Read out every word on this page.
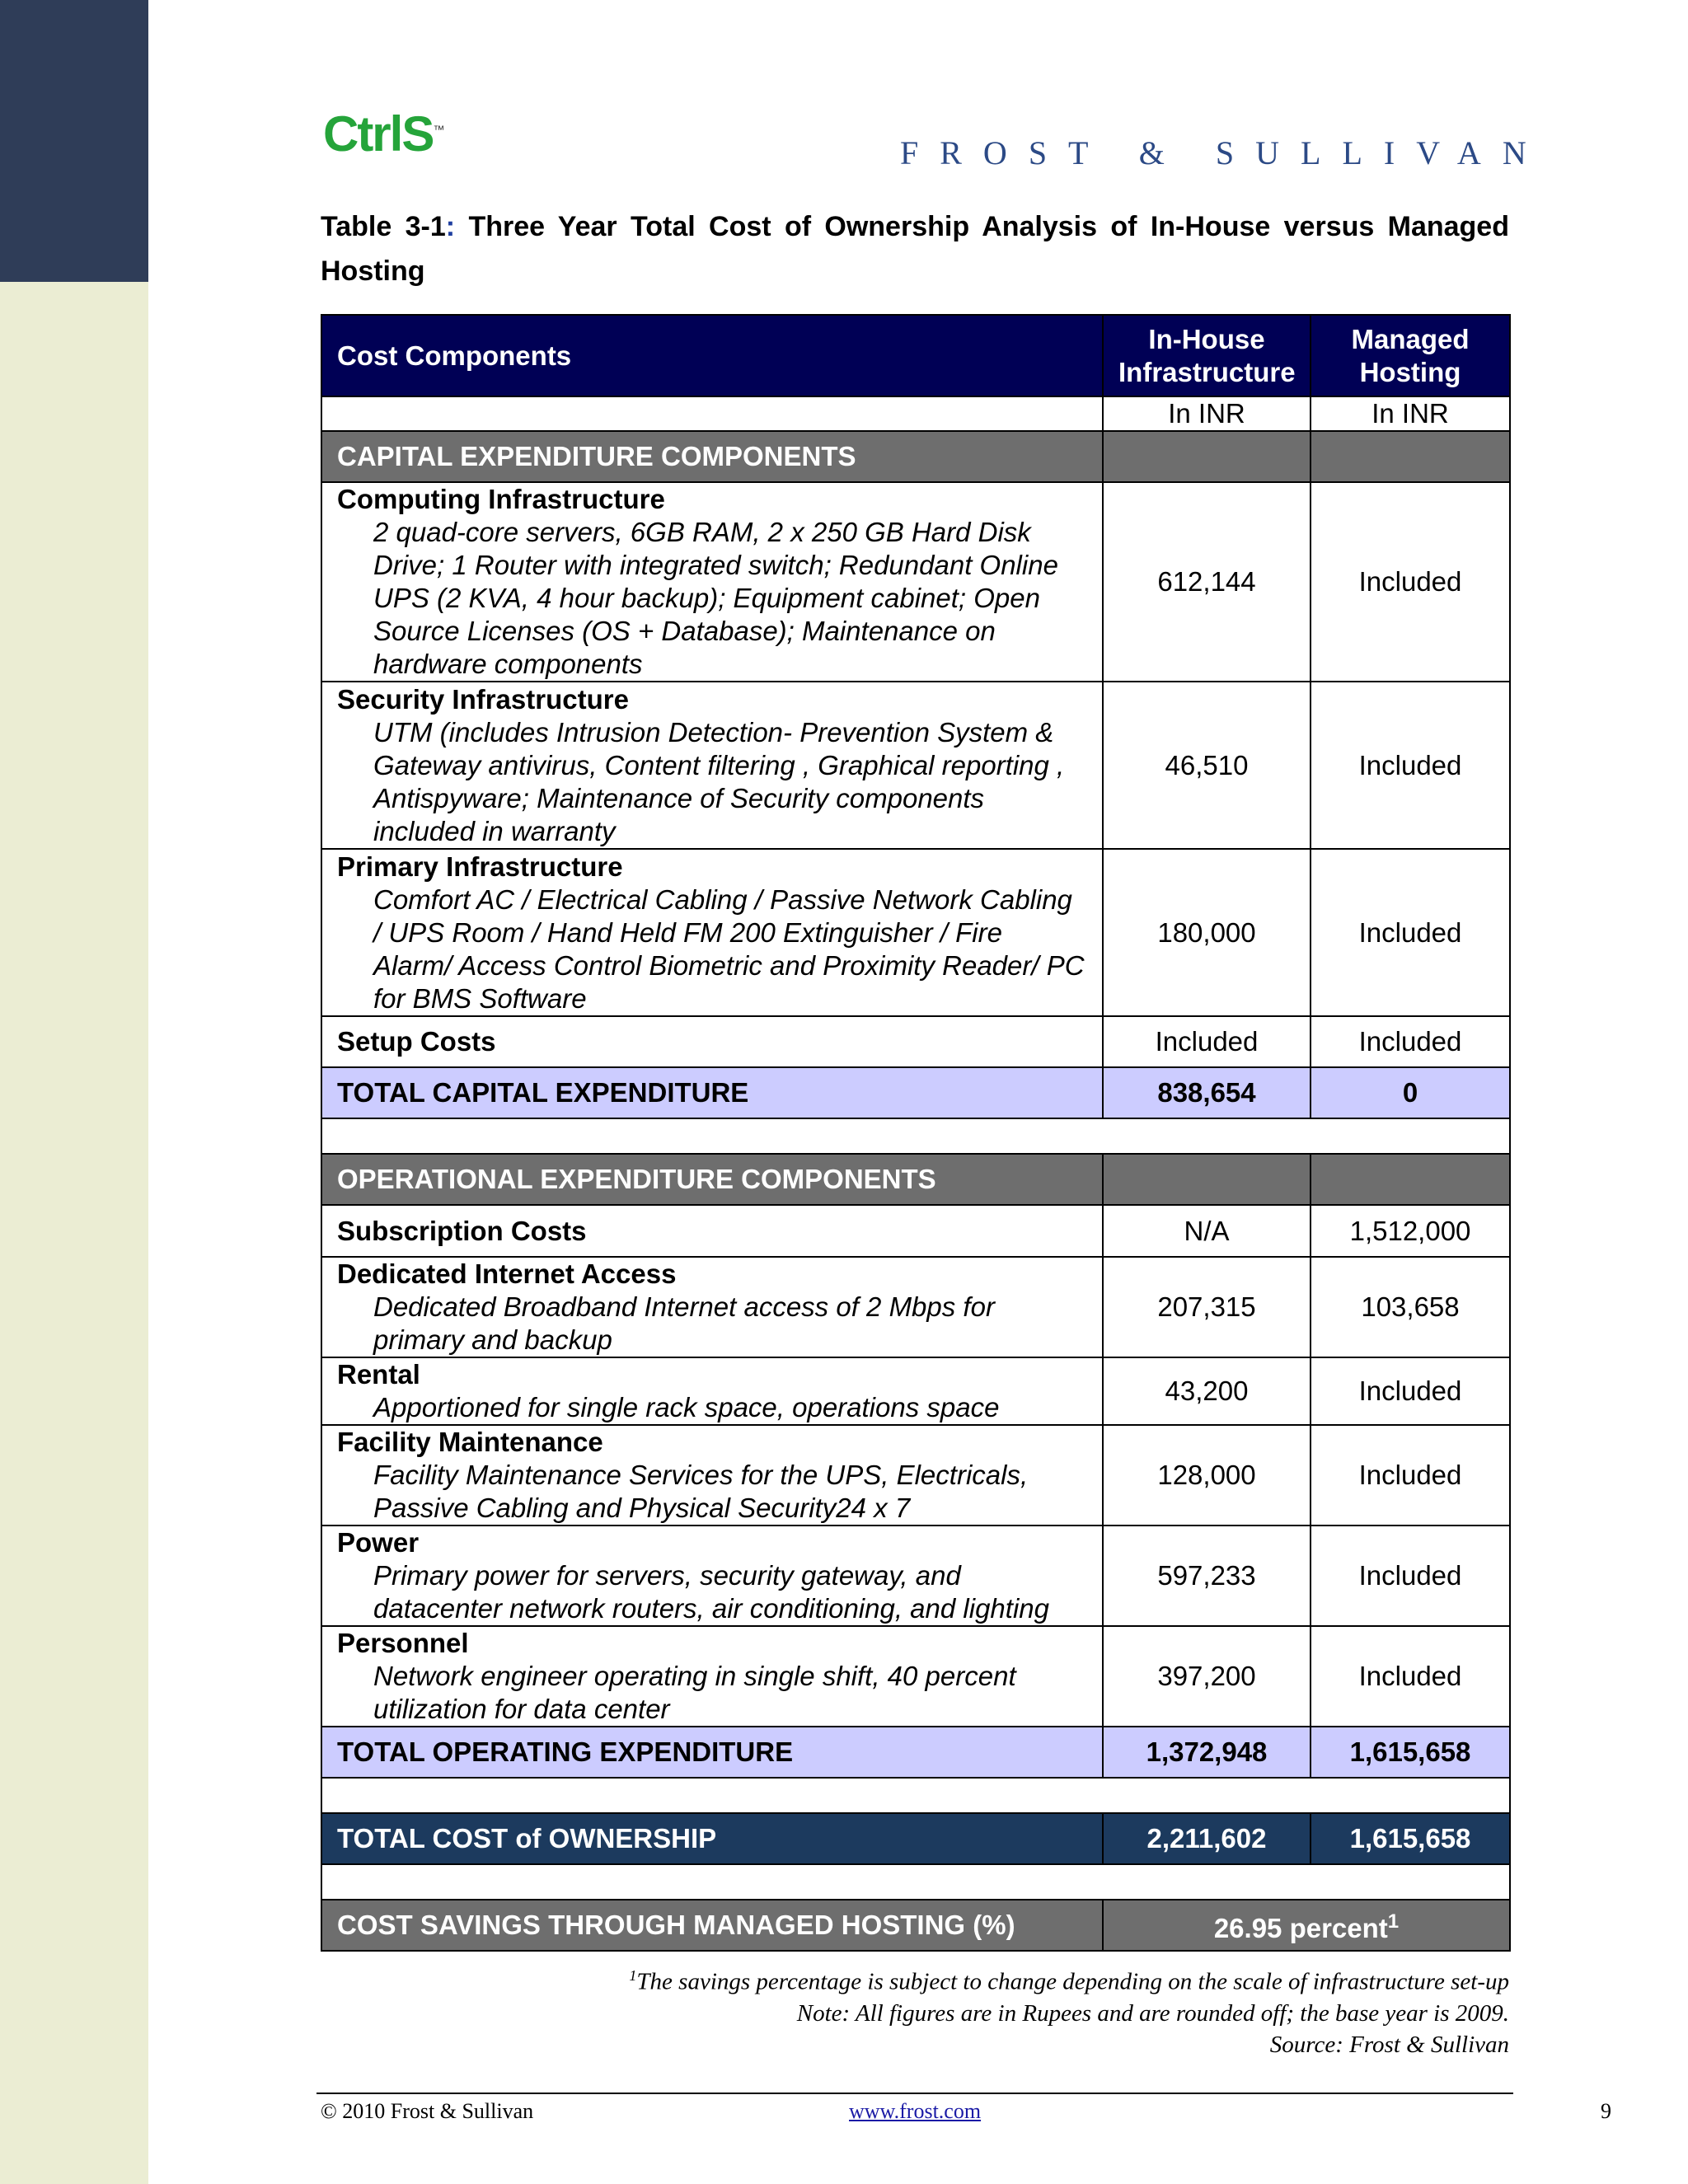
CtrlS™
FROST & SULLIVAN
Table 3-1: Three Year Total Cost of Ownership Analysis of In-House versus Managed Hosting
Cost Components	In-House Infrastructure	Managed Hosting
	In INR	In INR
CAPITAL EXPENDITURE COMPONENTS		

Computing Infrastructure
2 quad-core servers, 6GB RAM, 2 x 250 GB Hard Disk Drive; 1 Router with integrated switch; Redundant Online UPS (2 KVA, 4 hour backup); Equipment cabinet; Open Source Licenses (OS + Database); Maintenance on hardware components	612,144	Included

Security Infrastructure
UTM (includes Intrusion Detection- Prevention System & Gateway antivirus, Content filtering , Graphical reporting , Antispyware; Maintenance of Security components included in warranty	46,510	Included

Primary Infrastructure
Comfort AC / Electrical Cabling / Passive Network Cabling / UPS Room / Hand Held FM 200 Extinguisher / Fire Alarm/ Access Control Biometric and Proximity Reader/ PC for BMS Software	180,000	Included

Setup Costs	Included	Included
TOTAL CAPITAL EXPENDITURE	838,654	0

OPERATIONAL EXPENDITURE COMPONENTS		

Subscription Costs	N/A	1,512,000

Dedicated Internet Access
Dedicated Broadband Internet access of 2 Mbps for primary and backup	207,315	103,658

Rental
Apportioned for single rack space, operations space	43,200	Included

Facility Maintenance
Facility Maintenance Services for the UPS, Electricals, Passive Cabling and Physical Security24 x 7	128,000	Included

Power
Primary power for servers, security gateway, and datacenter network routers, air conditioning, and lighting	597,233	Included

Personnel
Network engineer operating in single shift, 40 percent utilization for data center	397,200	Included
TOTAL OPERATING EXPENDITURE	1,372,948	1,615,658

TOTAL COST of OWNERSHIP	2,211,602	1,615,658

COST SAVINGS THROUGH MANAGED HOSTING (%)	26.95 percent$^1$
$^1$The savings percentage is subject to change depending on the scale of infrastructure set-up
Note: All figures are in Rupees and are rounded off; the base year is 2009.
Source: Frost & Sullivan
© 2010 Frost & Sullivan	www.frost.com	9
